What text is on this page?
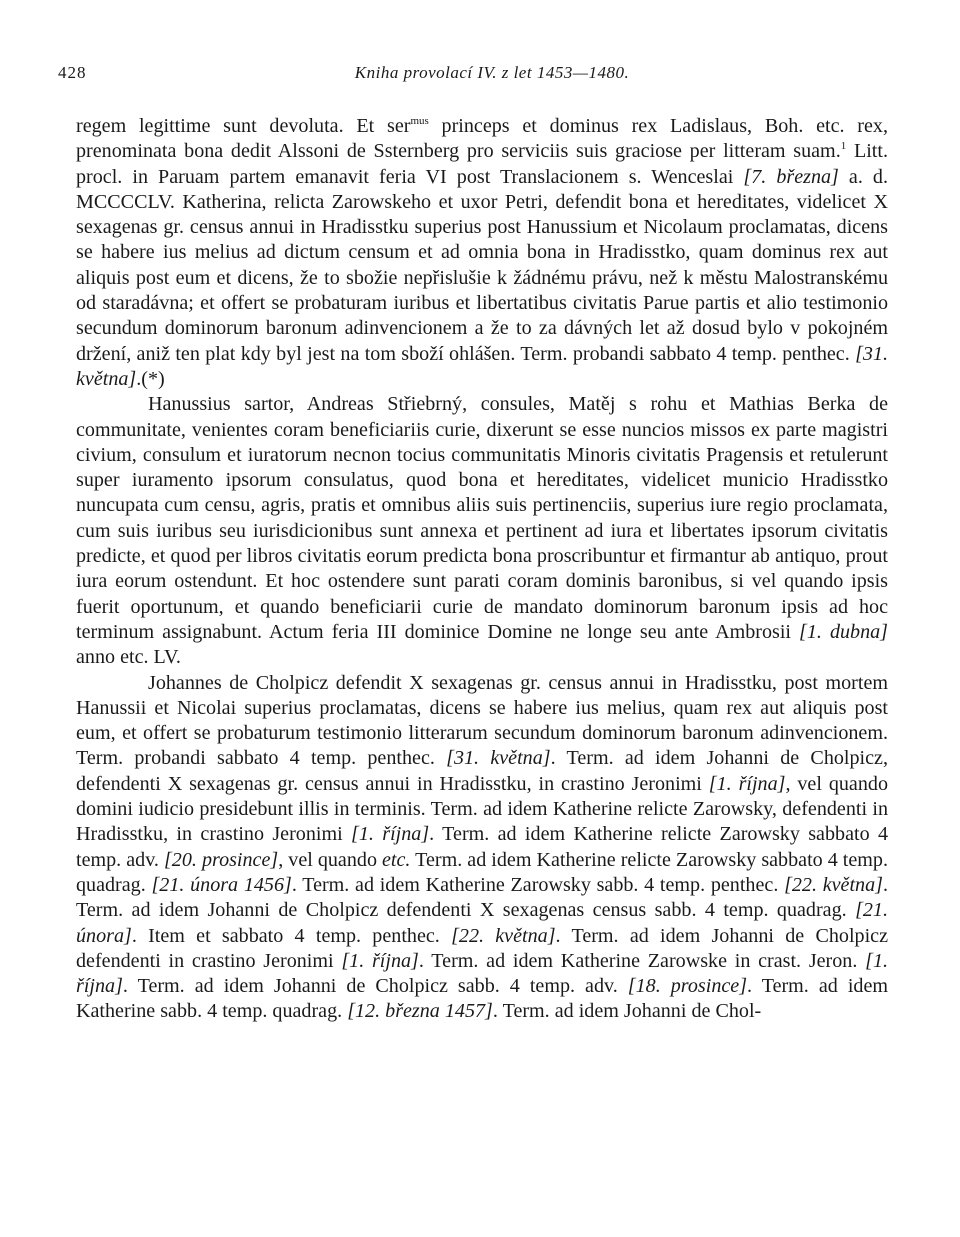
428	Kniha provolací IV. z let 1453—1480.

regem legittime sunt devoluta. Et ser$^{mus}$ princeps et dominus rex Ladislaus, Boh. etc. rex, prenominata bona dedit Alssoni de Ssternberg pro serviciis suis graciose per litteram suam.$^1$ Litt. procl. in Paruam partem emanavit feria VI post Translacionem s. Wenceslai [7. března] a. d. MCCCCLV. Katherina, relicta Zarowskeho et uxor Petri, defendit bona et hereditates, videlicet X sexagenas gr. census annui in Hradisstku superius post Hanussium et Nicolaum proclamatas, dicens se habere ius melius ad dictum censum et ad omnia bona in Hradisstko, quam dominus rex aut aliquis post eum et dicens, že to sbožie nepřislušie k žádnému právu, než k městu Malostranskému od staradávna; et offert se probaturam iuribus et libertatibus civitatis Parue partis et alio testimonio secundum dominorum baronum adinvencionem a že to za dávných let až dosud bylo v pokojném držení, aniž ten plat kdy byl jest na tom sboží ohlášen. Term. probandi sabbato 4 temp. penthec. [31. května].(*)

Hanussius sartor, Andreas Střiebrný, consules, Matěj s rohu et Mathias Berka de communitate, venientes coram beneficiariis curie, dixerunt se esse nuncios missos ex parte magistri civium, consulum et iuratorum necnon tocius communitatis Minoris civitatis Pragensis et retulerunt super iuramento ipsorum consulatus, quod bona et hereditates, videlicet municio Hradisstko nuncupata cum censu, agris, pratis et omnibus aliis suis pertinenciis, superius iure regio proclamata, cum suis iuribus seu iurisdicionibus sunt annexa et pertinent ad iura et libertates ipsorum civitatis predicte, et quod per libros civitatis eorum predicta bona proscribuntur et firmantur ab antiquo, prout iura eorum ostendunt. Et hoc ostendere sunt parati coram dominis baronibus, si vel quando ipsis fuerit oportunum, et quando beneficiarii curie de mandato dominorum baronum ipsis ad hoc terminum assignabunt. Actum feria III dominice Domine ne longe seu ante Ambrosii [1. dubna] anno etc. LV.

Johannes de Cholpicz defendit X sexagenas gr. census annui in Hradisstku, post mortem Hanussii et Nicolai superius proclamatas, dicens se habere ius melius, quam rex aut aliquis post eum, et offert se probaturum testimonio litterarum secundum dominorum baronum adinvencionem. Term. probandi sabbato 4 temp. penthec. [31. května]. Term. ad idem Johanni de Cholpicz, defendenti X sexagenas gr. census annui in Hradisstku, in crastino Jeronimi [1. října], vel quando domini iudicio presidebunt illis in terminis. Term. ad idem Katherine relicte Zarowsky, defendenti in Hradisstku, in crastino Jeronimi [1. října]. Term. ad idem Katherine relicte Zarowsky sabbato 4 temp. adv. [20. prosince], vel quando etc. Term. ad idem Katherine relicte Zarowsky sabbato 4 temp. quadrag. [21. února 1456]. Term. ad idem Katherine Zarowsky sabb. 4 temp. penthec. [22. května]. Term. ad idem Johanni de Cholpicz defendenti X sexagenas census sabb. 4 temp. quadrag. [21. února]. Item et sabbato 4 temp. penthec. [22. května]. Term. ad idem Johanni de Cholpicz defendenti in crastino Jeronimi [1. října]. Term. ad idem Katherine Zarowske in crast. Jeron. [1. října]. Term. ad idem Johanni de Cholpicz sabb. 4 temp. adv. [18. prosince]. Term. ad idem Katherine sabb. 4 temp. quadrag. [12. března 1457]. Term. ad idem Johanni de Chol-
